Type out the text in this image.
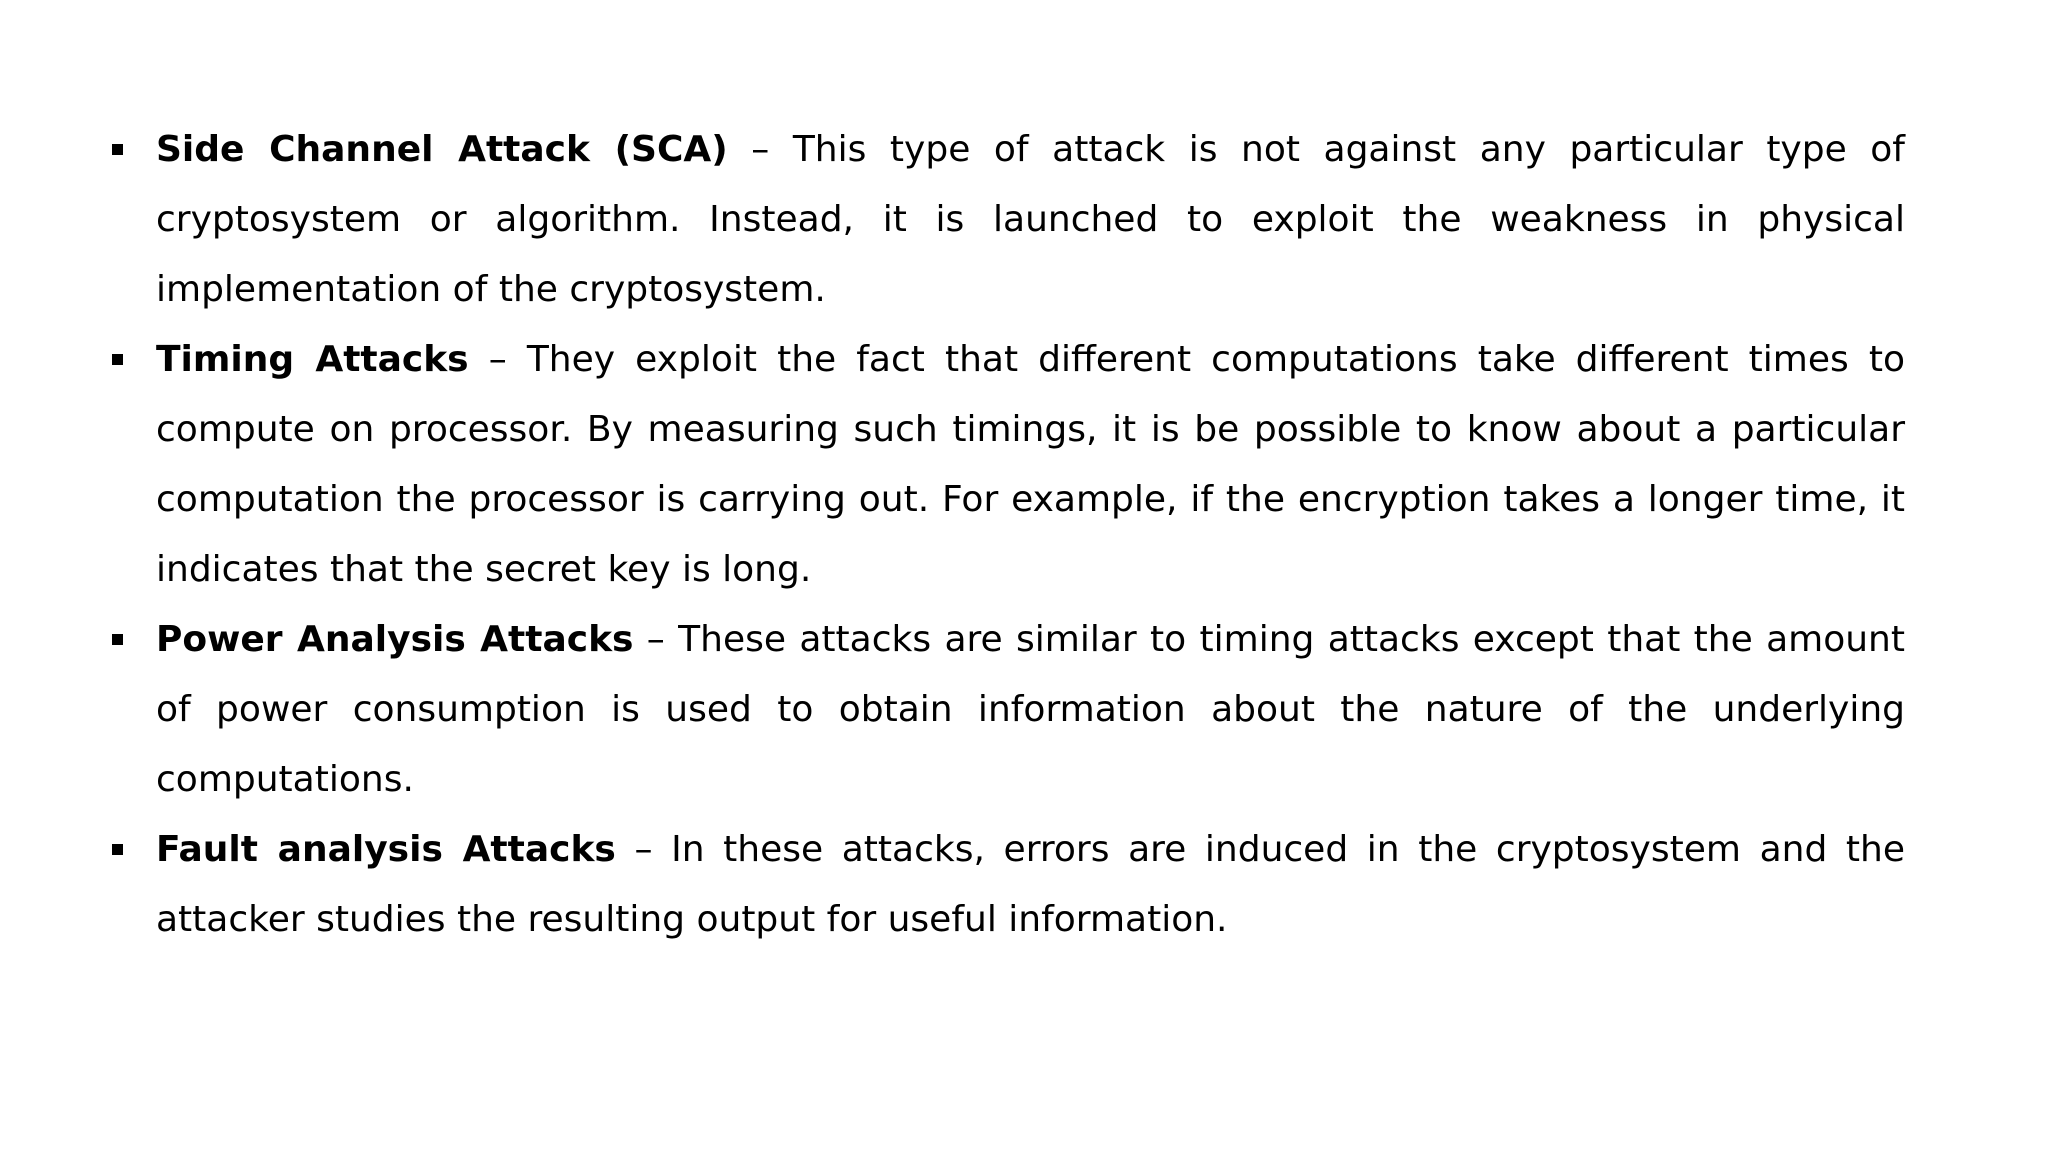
Side Channel Attack (SCA) – This type of attack is not against any particular type of cryptosystem or algorithm. Instead, it is launched to exploit the weakness in physical implementation of the cryptosystem.
Timing Attacks – They exploit the fact that different computations take different times to compute on processor. By measuring such timings, it is be possible to know about a particular computation the processor is carrying out. For example, if the encryption takes a longer time, it indicates that the secret key is long.
Power Analysis Attacks – These attacks are similar to timing attacks except that the amount of power consumption is used to obtain information about the nature of the underlying computations.
Fault analysis Attacks – In these attacks, errors are induced in the cryptosystem and the attacker studies the resulting output for useful information.
